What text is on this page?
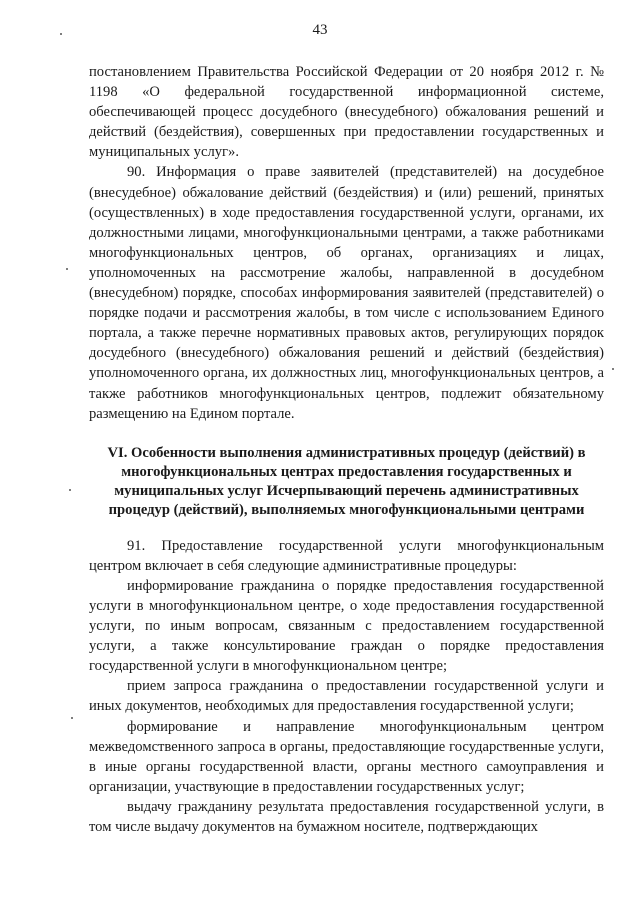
43

постановлением Правительства Российской Федерации от 20 ноября 2012 г. № 1198 «О федеральной государственной информационной системе, обеспечивающей процесс досудебного (внесудебного) обжалования решений и действий (бездействия), совершенных при предоставлении государственных и муниципальных услуг».

90. Информация о праве заявителей (представителей) на досудебное (внесудебное) обжалование действий (бездействия) и (или) решений, принятых (осуществленных) в ходе предоставления государственной услуги, органами, их должностными лицами, многофункциональными центрами, а также работниками многофункциональных центров, об органах, организациях и лицах, уполномоченных на рассмотрение жалобы, направленной в досудебном (внесудебном) порядке, способах информирования заявителей (представителей) о порядке подачи и рассмотрения жалобы, в том числе с использованием Единого портала, а также перечне нормативных правовых актов, регулирующих порядок досудебного (внесудебного) обжалования решений и действий (бездействия) уполномоченного органа, их должностных лиц, многофункциональных центров, а также работников многофункциональных центров, подлежит обязательному размещению на Едином портале.

VI. Особенности выполнения административных процедур (действий) в многофункциональных центрах предоставления государственных и муниципальных услуг Исчерпывающий перечень административных процедур (действий), выполняемых многофункциональными центрами

91. Предоставление государственной услуги многофункциональным центром включает в себя следующие административные процедуры:

информирование гражданина о порядке предоставления государственной услуги в многофункциональном центре, о ходе предоставления государственной услуги, по иным вопросам, связанным с предоставлением государственной услуги, а также консультирование граждан о порядке предоставления государственной услуги в многофункциональном центре;

прием запроса гражданина о предоставлении государственной услуги и иных документов, необходимых для предоставления государственной услуги;

формирование и направление многофункциональным центром межведомственного запроса в органы, предоставляющие государственные услуги, в иные органы государственной власти, органы местного самоуправления и организации, участвующие в предоставлении государственных услуг;

выдачу гражданину результата предоставления государственной услуги, в том числе выдачу документов на бумажном носителе, подтверждающих
